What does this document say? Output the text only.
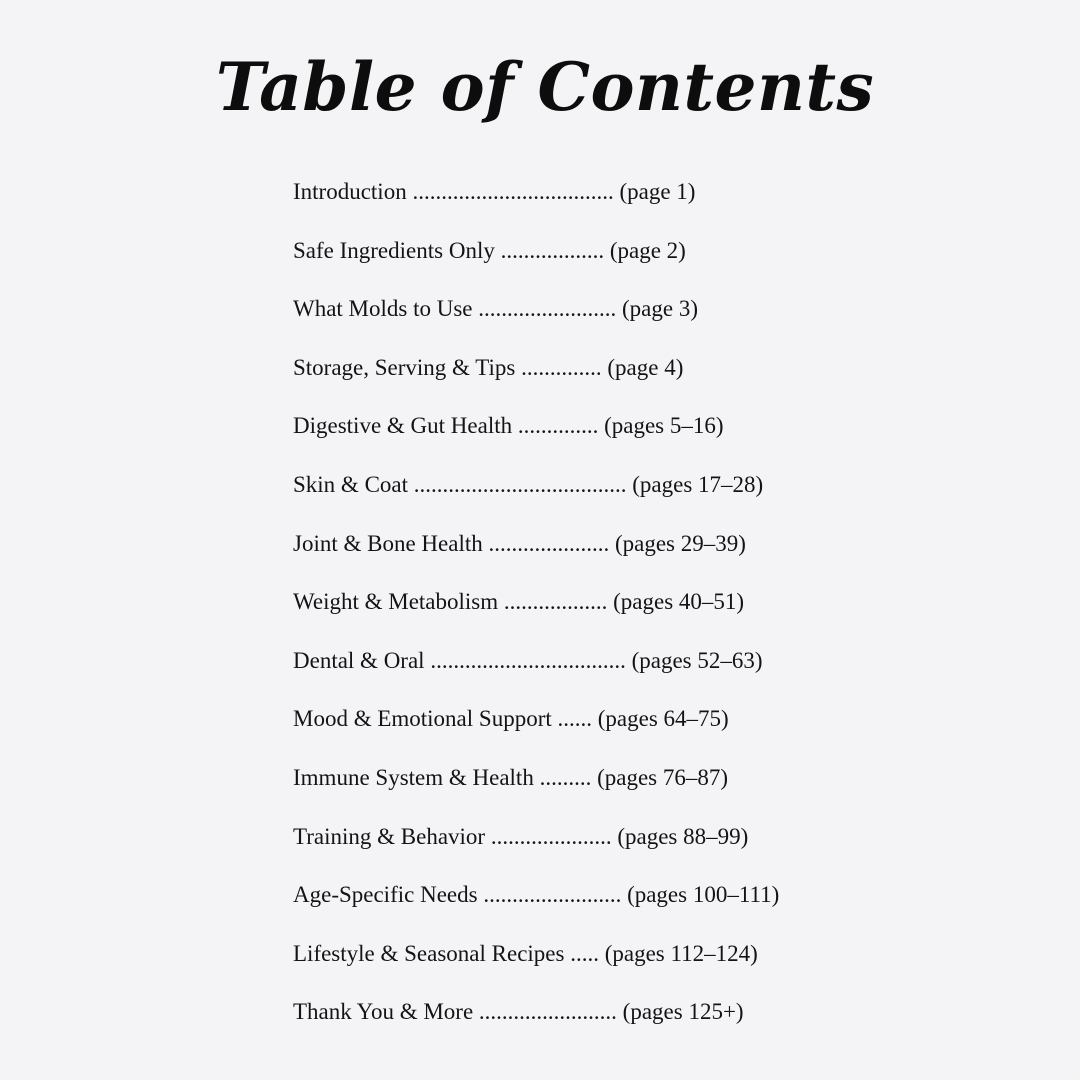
Table of Contents
Introduction ................................... (page 1)
Safe Ingredients Only .................. (page 2)
What Molds to Use ........................ (page 3)
Storage, Serving & Tips .............. (page 4)
Digestive & Gut Health .............. (pages 5–16)
Skin & Coat ..................................... (pages 17–28)
Joint & Bone Health ..................... (pages 29–39)
Weight & Metabolism .................. (pages 40–51)
Dental & Oral .................................. (pages 52–63)
Mood & Emotional Support ...... (pages 64–75)
Immune System & Health ......... (pages 76–87)
Training & Behavior ..................... (pages 88–99)
Age-Specific Needs ........................ (pages 100–111)
Lifestyle & Seasonal Recipes ..... (pages 112–124)
Thank You & More ........................ (pages 125+)
